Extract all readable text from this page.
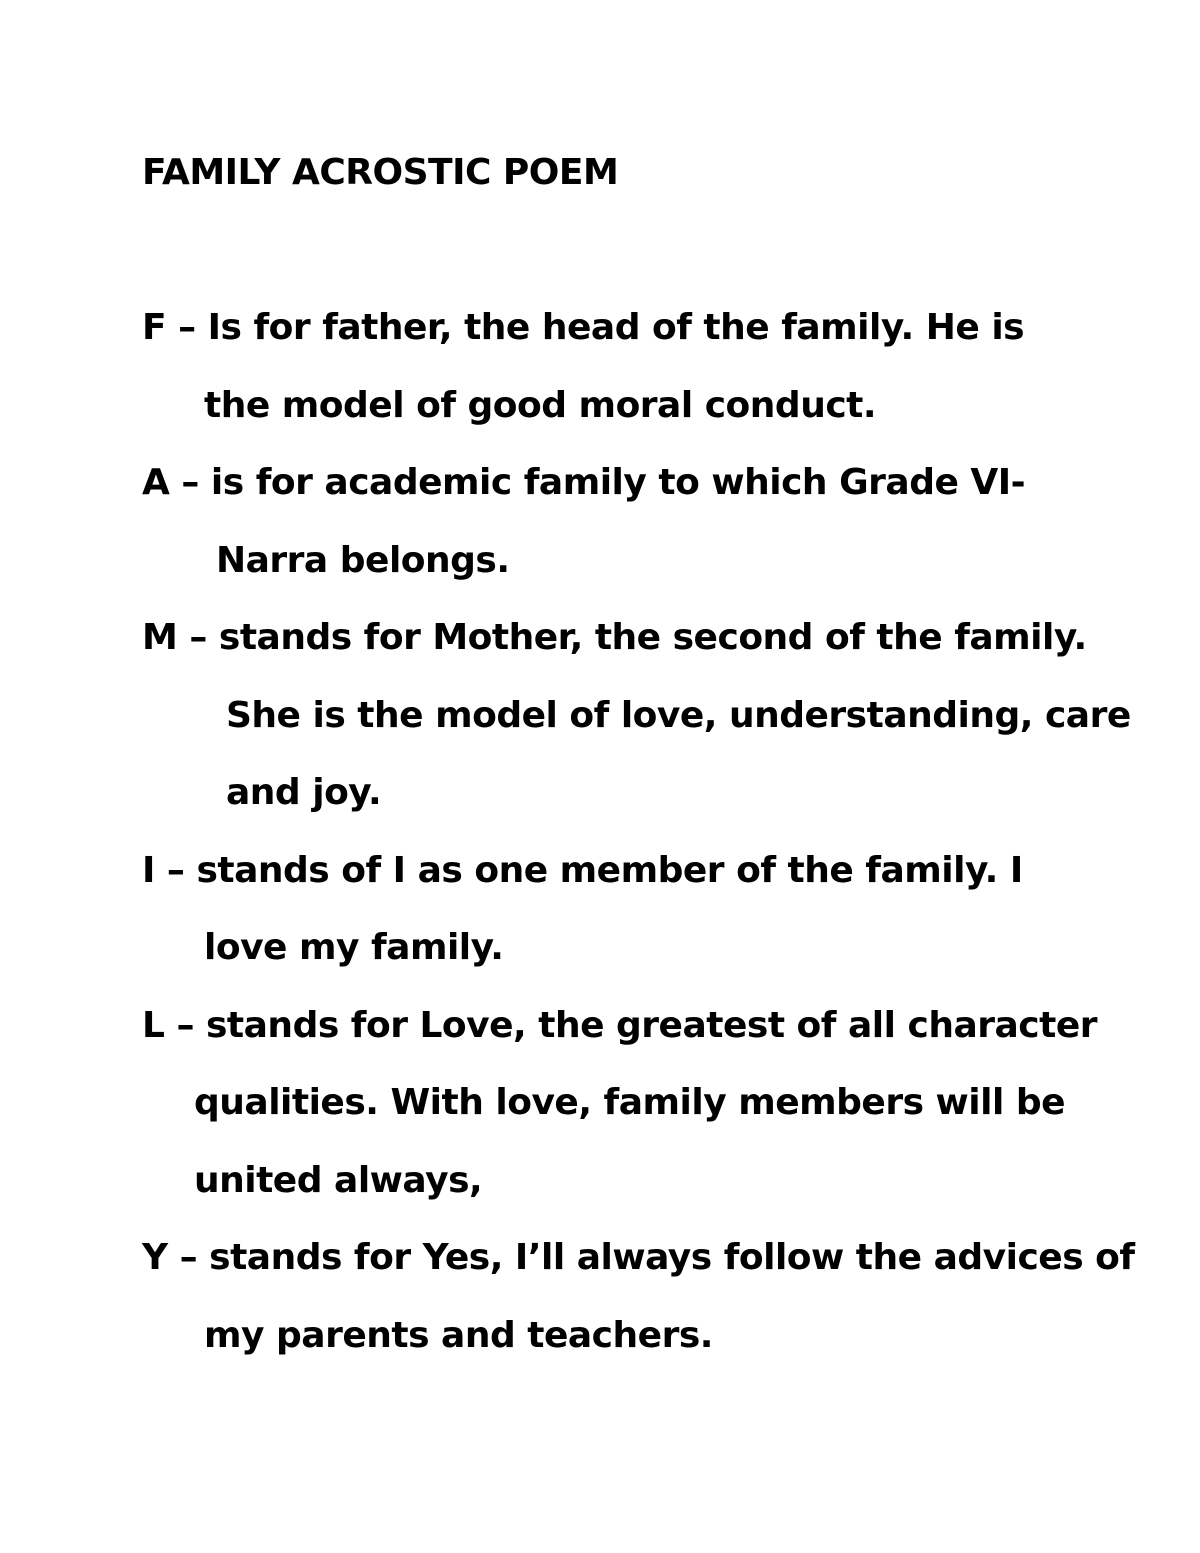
FAMILY ACROSTIC POEM
F – Is for father, the head of the family. He is
the model of good moral conduct.
A – is for academic family to which Grade VI-
Narra belongs.
M – stands for Mother, the second of the family.
She is the model of love, understanding, care
and joy.
I – stands of I as one member of the family. I
love my family.
L – stands for Love, the greatest of all character
qualities. With love, family members will be
united always,
Y – stands for Yes, I’ll always follow the advices of
my parents and teachers.
